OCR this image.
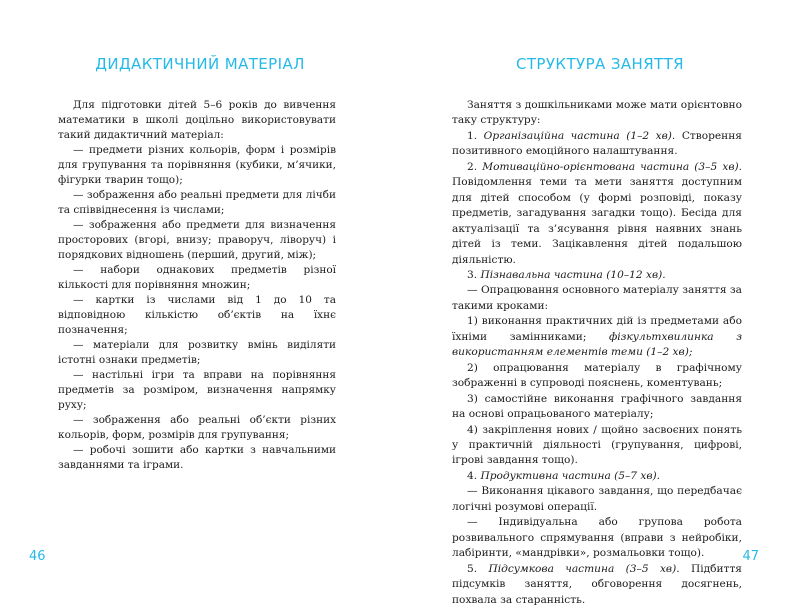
ДИДАКТИЧНИЙ МАТЕРІАЛ

Для підготовки дітей 5–6 років до вивчення математики в школі доцільно використовувати такий дидактичний матеріал:

— предмети різних кольорів, форм і розмірів для групування та порівняння (кубики, м’ячики, фігурки тварин тощо);

— зображення або реальні предмети для лічби та співвіднесення із числами;

— зображення або предмети для визначення просторових (вгорі, внизу; праворуч, ліворуч) і порядкових відношень (перший, другий, між);

— набори однакових предметів різної кількості для порівняння множин;

— картки із числами від 1 до 10 та відповідною кількістю об’єктів на їхнє позначення;

— матеріали для розвитку вмінь виділяти істотні ознаки предметів;

— настільні ігри та вправи на порівняння предметів за розміром, визначення напрямку руху;

— зображення або реальні об’єкти різних кольорів, форм, розмірів для групування;

— робочі зошити або картки з навчальними завданнями та іграми.

46
СТРУКТУРА ЗАНЯТТЯ

Заняття з дошкільниками може мати орієнтовно таку структуру:

1. Організаційна частина (1–2 хв). Створення позитивного емоційного налаштування.

2. Мотиваційно-орієнтована частина (3–5 хв). Повідомлення теми та мети заняття доступним для дітей способом (у формі розповіді, показу предметів, загадування загадки тощо). Бесіда для актуалізації та з’ясування рівня наявних знань дітей із теми. Зацікавлення дітей подальшою діяльністю.

3. Пізнавальна частина (10–12 хв).

— Опрацювання основного матеріалу заняття за такими кроками:

1) виконання практичних дій із предметами або їхніми замінниками; фізкультхвилинка з використанням елементів теми (1–2 хв);

2) опрацювання матеріалу в графічному зображенні в супроводі пояснень, коментувань;

3) самостійне виконання графічного завдання на основі опрацьованого матеріалу;

4) закріплення нових / щойно засвоєних понять у практичній діяльності (групування, цифрові, ігрові завдання тощо).

4. Продуктивна частина (5–7 хв).

— Виконання цікавого завдання, що передбачає логічні розумові операції.

— Індивідуальна або групова робота розвивального спрямування (вправи з нейробіки, лабіринти, «мандрівки», розмальовки тощо).

5. Підсумкова частина (3–5 хв). Підбиття підсумків заняття, обговорення досягнень, похвала за старанність.

47
